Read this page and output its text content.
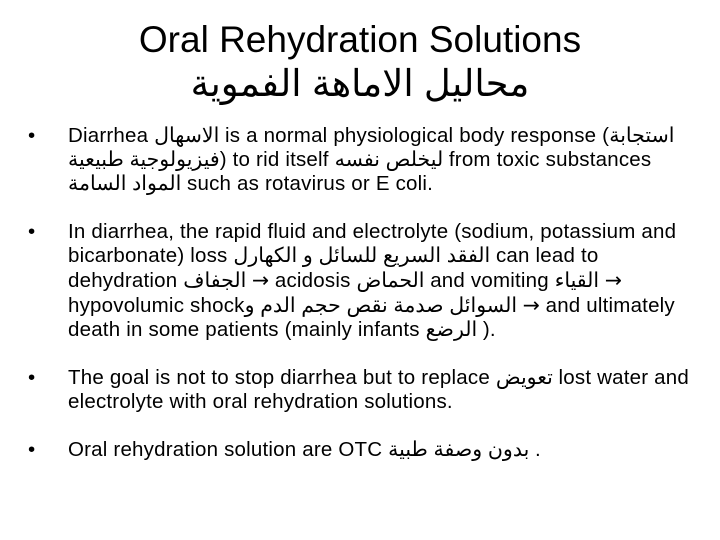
Oral Rehydration Solutions
محاليل الاماهة الفموية
•	Diarrhea الاسهال is a normal physiological body response (استجابة فيزيولوجية طبيعية) to rid itself ليخلص نفسه from toxic substances المواد السامة such as rotavirus or E coli.
•	In diarrhea, the rapid fluid and electrolyte (sodium, potassium and bicarbonate) loss الفقد السريع للسائل و الكهارل can lead to dehydration الجفاف → acidosis الحماض and vomiting القياء → hypovolumic shockصدمة نقص حجم الدم و السوائل → and ultimately death in some patients (mainly infants الرضع ).
•	The goal is not to stop diarrhea but to replace تعويض lost water and electrolyte with oral rehydration solutions.
•	Oral rehydration solution are OTC بدون وصفة طبية .
